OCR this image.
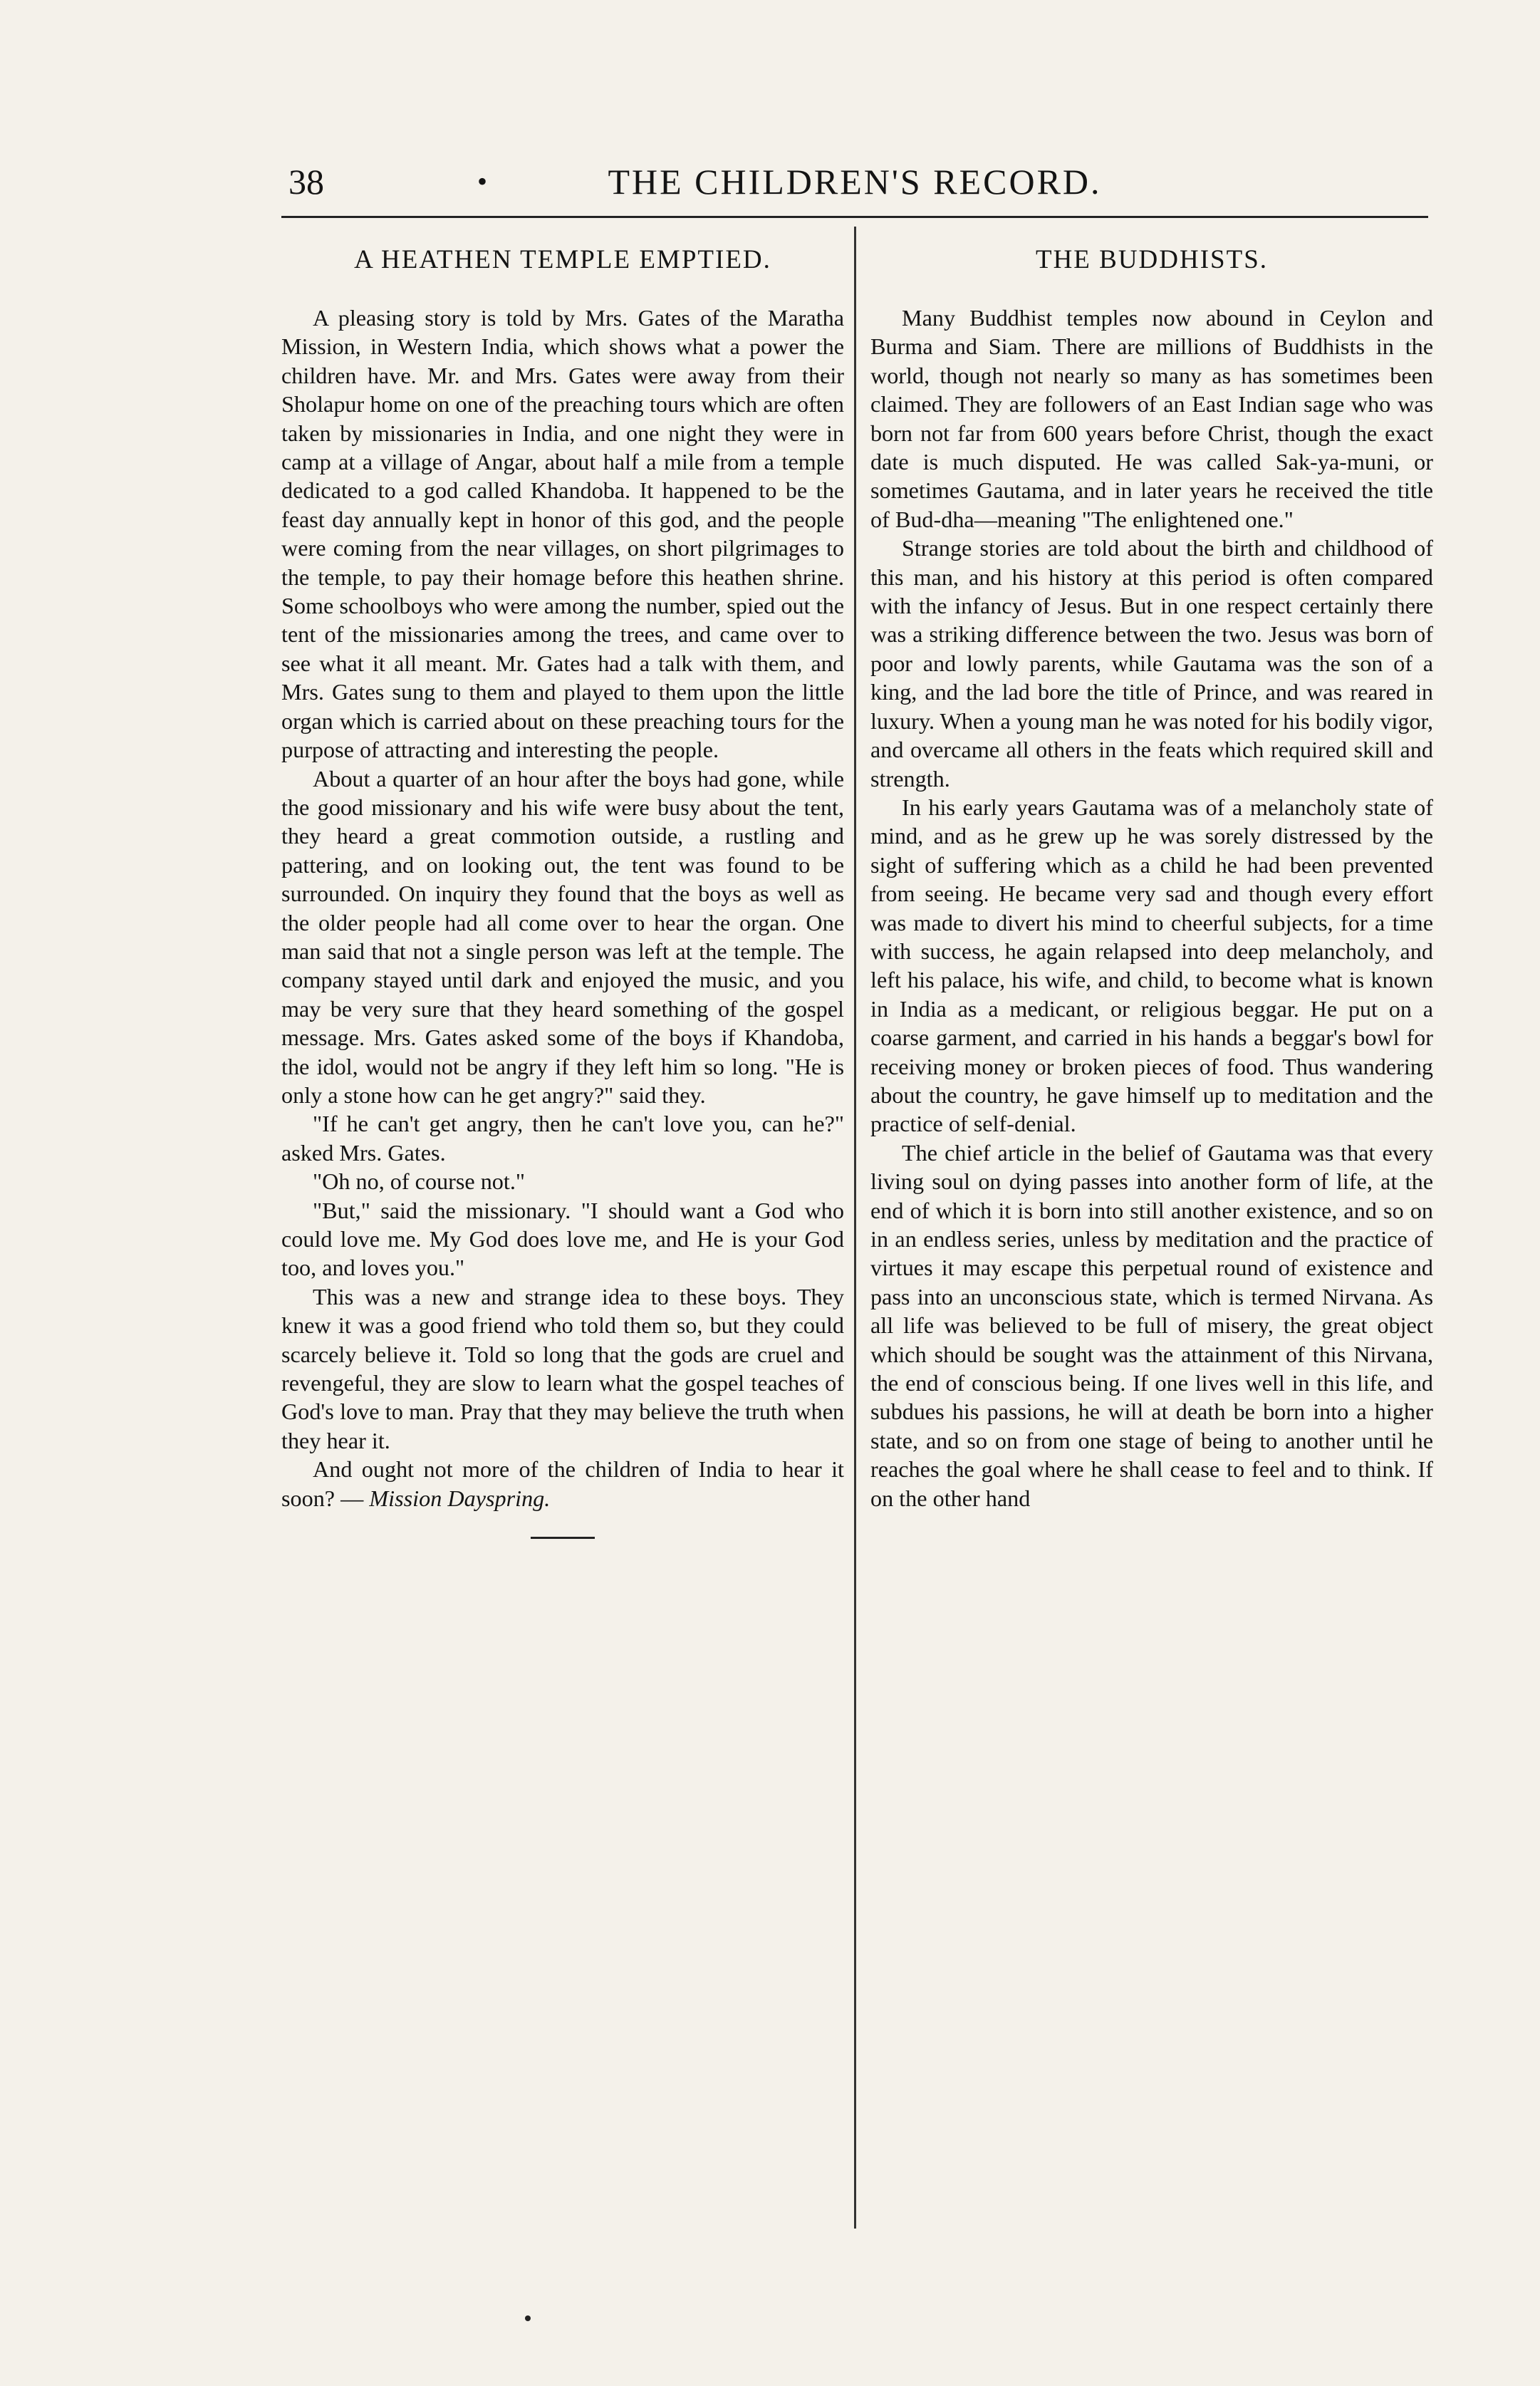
38	•	THE CHILDREN'S RECORD.
A HEATHEN TEMPLE EMPTIED.

A pleasing story is told by Mrs. Gates of the Maratha Mission, in Western India, which shows what a power the children have. Mr. and Mrs. Gates were away from their Sholapur home on one of the preaching tours which are often taken by missionaries in India, and one night they were in camp at a village of Angar, about half a mile from a temple dedicated to a god called Khandoba. It happened to be the feast day annually kept in honor of this god, and the people were coming from the near villages, on short pilgrimages to the temple, to pay their homage before this heathen shrine. Some schoolboys who were among the number, spied out the tent of the missionaries among the trees, and came over to see what it all meant. Mr. Gates had a talk with them, and Mrs. Gates sung to them and played to them upon the little organ which is carried about on these preaching tours for the purpose of attracting and interesting the people.

About a quarter of an hour after the boys had gone, while the good missionary and his wife were busy about the tent, they heard a great commotion outside, a rustling and pattering, and on looking out, the tent was found to be surrounded. On inquiry they found that the boys as well as the older people had all come over to hear the organ. One man said that not a single person was left at the temple. The company stayed until dark and enjoyed the music, and you may be very sure that they heard something of the gospel message. Mrs. Gates asked some of the boys if Khandoba, the idol, would not be angry if they left him so long. "He is only a stone how can he get angry?" said they.

"If he can't get angry, then he can't love you, can he?" asked Mrs. Gates.

"Oh no, of course not."

"But," said the missionary. "I should want a God who could love me. My God does love me, and He is your God too, and loves you."

This was a new and strange idea to these boys. They knew it was a good friend who told them so, but they could scarcely believe it. Told so long that the gods are cruel and revengeful, they are slow to learn what the gospel teaches of God's love to man. Pray that they may believe the truth when they hear it.

And ought not more of the children of India to hear it soon? — Mission Dayspring.

THE BUDDHISTS.

Many Buddhist temples now abound in Ceylon and Burma and Siam. There are millions of Buddhists in the world, though not nearly so many as has sometimes been claimed. They are followers of an East Indian sage who was born not far from 600 years before Christ, though the exact date is much disputed. He was called Sak-ya-muni, or sometimes Gautama, and in later years he received the title of Bud-dha—meaning "The enlightened one."

Strange stories are told about the birth and childhood of this man, and his history at this period is often compared with the infancy of Jesus. But in one respect certainly there was a striking difference between the two. Jesus was born of poor and lowly parents, while Gautama was the son of a king, and the lad bore the title of Prince, and was reared in luxury. When a young man he was noted for his bodily vigor, and overcame all others in the feats which required skill and strength.

In his early years Gautama was of a melancholy state of mind, and as he grew up he was sorely distressed by the sight of suffering which as a child he had been prevented from seeing. He became very sad and though every effort was made to divert his mind to cheerful subjects, for a time with success, he again relapsed into deep melancholy, and left his palace, his wife, and child, to become what is known in India as a medicant, or religious beggar. He put on a coarse garment, and carried in his hands a beggar's bowl for receiving money or broken pieces of food. Thus wandering about the country, he gave himself up to meditation and the practice of self-denial.

The chief article in the belief of Gautama was that every living soul on dying passes into another form of life, at the end of which it is born into still another existence, and so on in an endless series, unless by meditation and the practice of virtues it may escape this perpetual round of existence and pass into an unconscious state, which is termed Nirvana. As all life was believed to be full of misery, the great object which should be sought was the attainment of this Nirvana, the end of conscious being. If one lives well in this life, and subdues his passions, he will at death be born into a higher state, and so on from one stage of being to another until he reaches the goal where he shall cease to feel and to think. If on the other hand
